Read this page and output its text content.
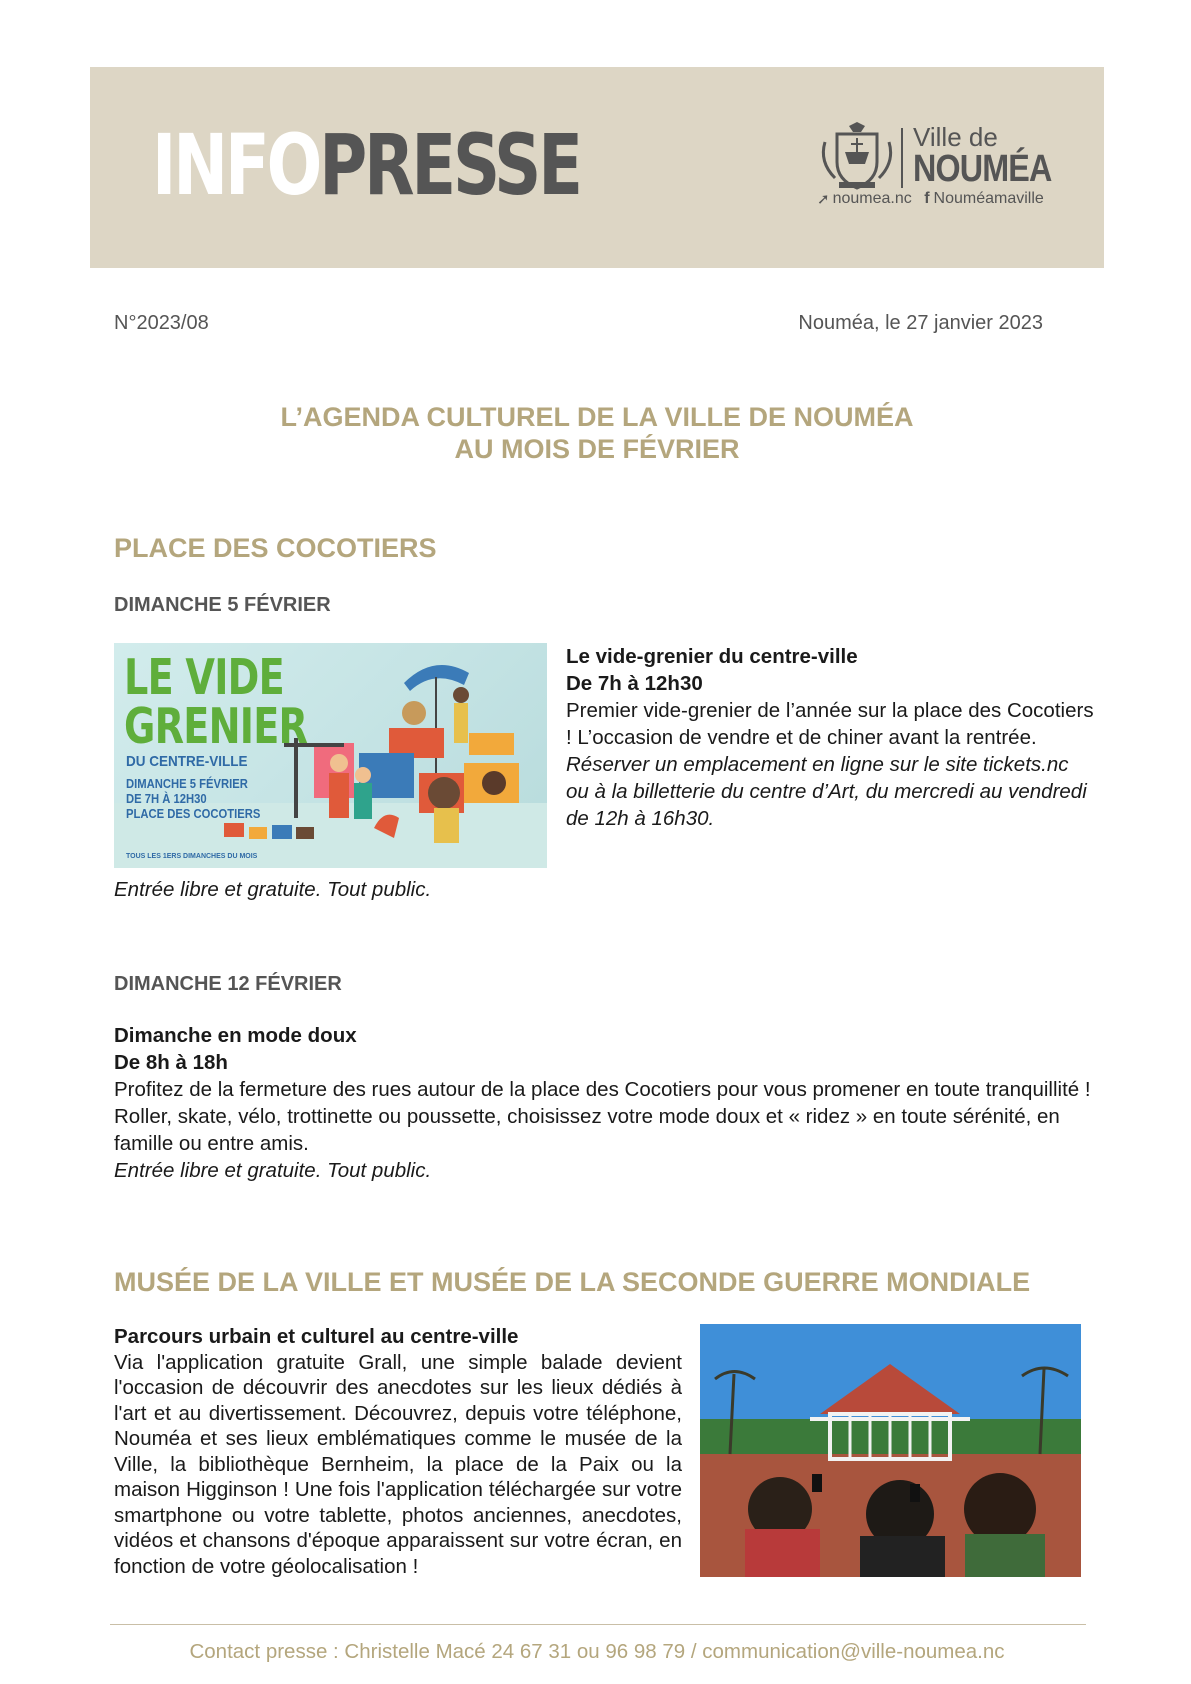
INFOPRESSE	Ville de
NOUMÉA
➚ noumea.nc f Nouméamaville
N°2023/08	Nouméa, le 27 janvier 2023
L’AGENDA CULTUREL DE LA VILLE DE NOUMÉA
AU MOIS DE FÉVRIER
PLACE DES COCOTIERS
DIMANCHE 5 FÉVRIER
LE VIDE
GRENIER
DU CENTRE-VILLE
DIMANCHE 5 FÉVRIER
DE 7H À 12H30
PLACE DES COCOTIERS
TOUS LES 1ERS DIMANCHES DU MOIS
Le vide-grenier du centre-ville
De 7h à 12h30
Premier vide-grenier de l’année sur la place des Cocotiers ! L’occasion de vendre et de chiner avant la rentrée.
Réserver un emplacement en ligne sur le site tickets.nc ou à la billetterie du centre d’Art, du mercredi au vendredi de 12h à 16h30.
Entrée libre et gratuite. Tout public.
DIMANCHE 12 FÉVRIER
Dimanche en mode doux
De 8h à 18h
Profitez de la fermeture des rues autour de la place des Cocotiers pour vous promener en toute tranquillité ! Roller, skate, vélo, trottinette ou poussette, choisissez votre mode doux et « ridez » en toute sérénité, en famille ou entre amis.
Entrée libre et gratuite. Tout public.
MUSÉE DE LA VILLE ET MUSÉE DE LA SECONDE GUERRE MONDIALE
Parcours urbain et culturel au centre-ville
Via l'application gratuite Grall, une simple balade devient l'occasion de découvrir des anecdotes sur les lieux dédiés à l'art et au divertissement. Découvrez, depuis votre téléphone, Nouméa et ses lieux emblématiques comme le musée de la Ville, la bibliothèque Bernheim, la place de la Paix ou la maison Higginson ! Une fois l'application téléchargée sur votre smartphone ou votre tablette, photos anciennes, anecdotes, vidéos et chansons d'époque apparaissent sur votre écran, en fonction de votre géolocalisation !
Contact presse : Christelle Macé 24 67 31 ou 96 98 79 / communication@ville-noumea.nc
